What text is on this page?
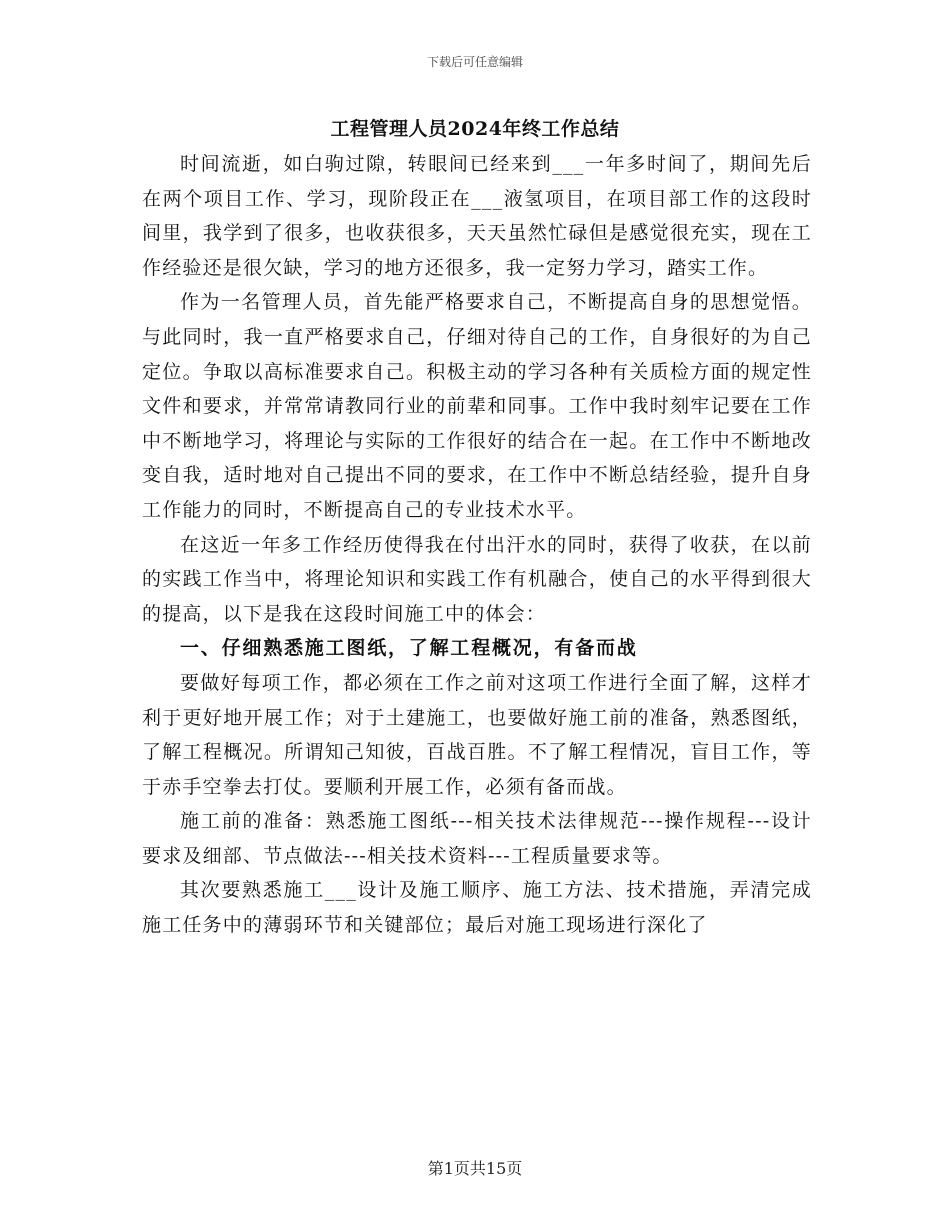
下载后可任意编辑
工程管理人员2024年终工作总结

时间流逝，如白驹过隙，转眼间已经来到___一年多时间了，期间先后在两个项目工作、学习，现阶段正在___液氢项目，在项目部工作的这段时间里，我学到了很多，也收获很多，天天虽然忙碌但是感觉很充实，现在工作经验还是很欠缺，学习的地方还很多，我一定努力学习，踏实工作。

作为一名管理人员，首先能严格要求自己，不断提高自身的思想觉悟。与此同时，我一直严格要求自己，仔细对待自己的工作，自身很好的为自己定位。争取以高标准要求自己。积极主动的学习各种有关质检方面的规定性文件和要求，并常常请教同行业的前辈和同事。工作中我时刻牢记要在工作中不断地学习，将理论与实际的工作很好的结合在一起。在工作中不断地改变自我，适时地对自己提出不同的要求，在工作中不断总结经验，提升自身工作能力的同时，不断提高自己的专业技术水平。

在这近一年多工作经历使得我在付出汗水的同时，获得了收获，在以前的实践工作当中，将理论知识和实践工作有机融合，使自己的水平得到很大的提高，以下是我在这段时间施工中的体会：

一、仔细熟悉施工图纸，了解工程概况，有备而战

要做好每项工作，都必须在工作之前对这项工作进行全面了解，这样才利于更好地开展工作；对于土建施工，也要做好施工前的准备，熟悉图纸，了解工程概况。所谓知己知彼，百战百胜。不了解工程情况，盲目工作，等于赤手空拳去打仗。要顺利开展工作，必须有备而战。

施工前的准备：熟悉施工图纸---相关技术法律规范---操作规程---设计要求及细部、节点做法---相关技术资料---工程质量要求等。

其次要熟悉施工___设计及施工顺序、施工方法、技术措施，弄清完成施工任务中的薄弱环节和关键部位；最后对施工现场进行深化了

第1页共15页
